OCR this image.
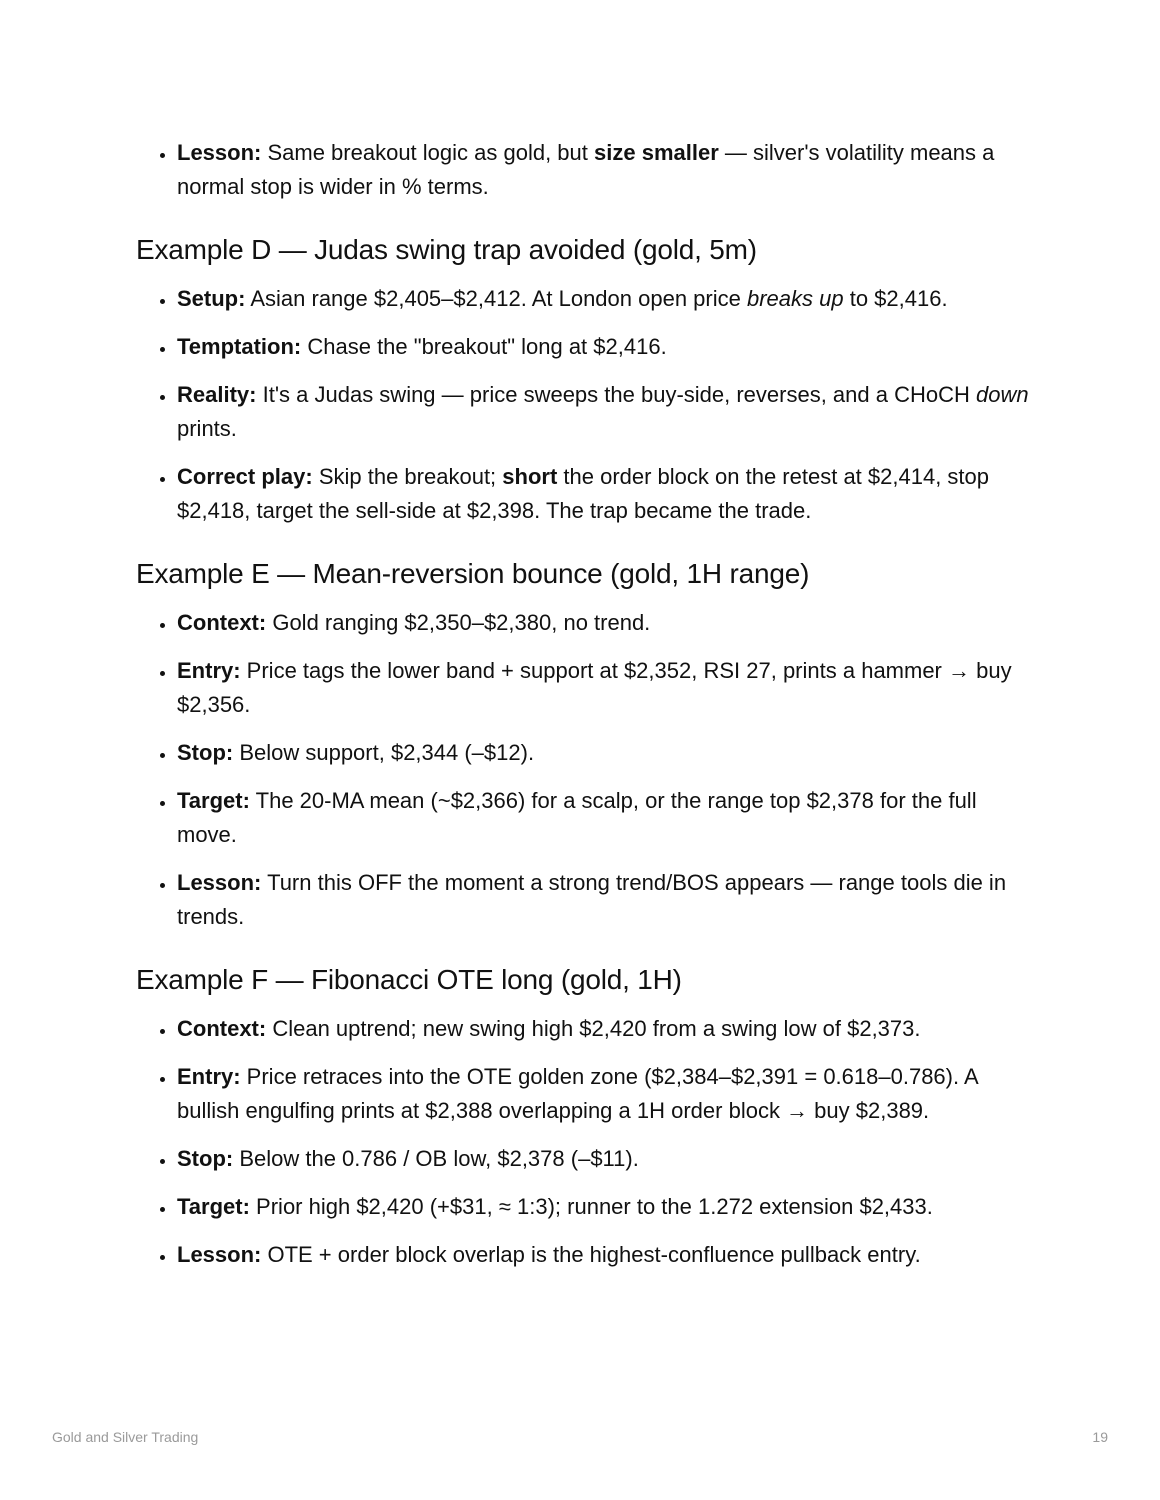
• Lesson: Same breakout logic as gold, but size smaller — silver's volatility means a normal stop is wider in % terms.
Example D — Judas swing trap avoided (gold, 5m)
• Setup: Asian range $2,405–$2,412. At London open price breaks up to $2,416.
• Temptation: Chase the "breakout" long at $2,416.
• Reality: It's a Judas swing — price sweeps the buy-side, reverses, and a CHoCH down prints.
• Correct play: Skip the breakout; short the order block on the retest at $2,414, stop $2,418, target the sell-side at $2,398. The trap became the trade.
Example E — Mean-reversion bounce (gold, 1H range)
• Context: Gold ranging $2,350–$2,380, no trend.
• Entry: Price tags the lower band + support at $2,352, RSI 27, prints a hammer → buy $2,356.
• Stop: Below support, $2,344 (–$12).
• Target: The 20-MA mean (~$2,366) for a scalp, or the range top $2,378 for the full move.
• Lesson: Turn this OFF the moment a strong trend/BOS appears — range tools die in trends.
Example F — Fibonacci OTE long (gold, 1H)
• Context: Clean uptrend; new swing high $2,420 from a swing low of $2,373.
• Entry: Price retraces into the OTE golden zone ($2,384–$2,391 = 0.618–0.786). A bullish engulfing prints at $2,388 overlapping a 1H order block → buy $2,389.
• Stop: Below the 0.786 / OB low, $2,378 (–$11).
• Target: Prior high $2,420 (+$31, ≈ 1:3); runner to the 1.272 extension $2,433.
• Lesson: OTE + order block overlap is the highest-confluence pullback entry.
Gold and Silver Trading	19
